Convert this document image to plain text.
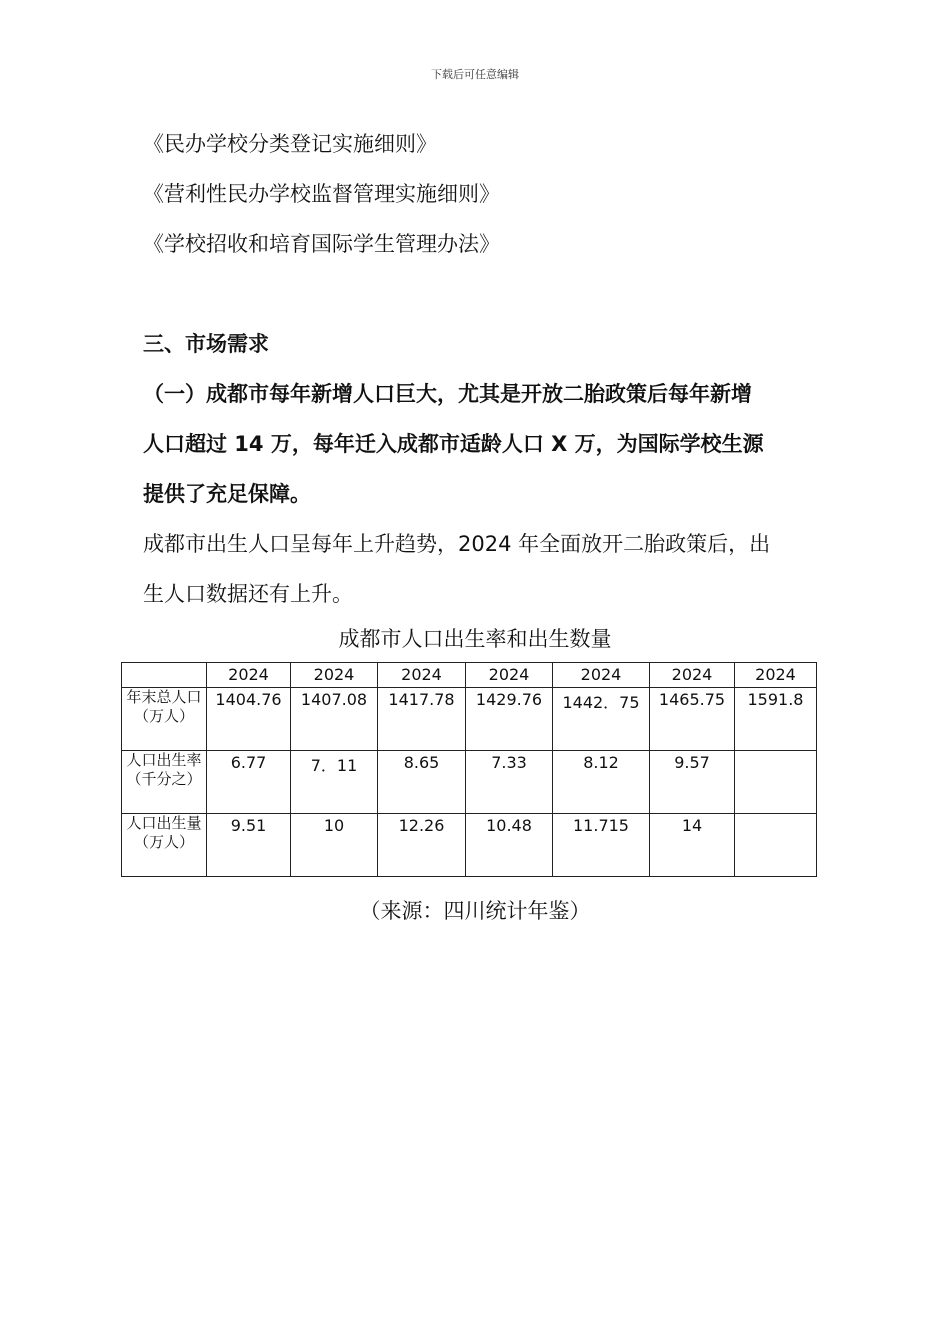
下载后可任意编辑
《民办学校分类登记实施细则》
《营利性民办学校监督管理实施细则》
《学校招收和培育国际学生管理办法》
三、市场需求
（一）成都市每年新增人口巨大，尤其是开放二胎政策后每年新增
人口超过 14 万，每年迁入成都市适龄人口 X 万，为国际学校生源
提供了充足保障。
成都市出生人口呈每年上升趋势，2024 年全面放开二胎政策后，出
生人口数据还有上升。
成都市人口出生率和出生数量
	2024	2024	2024	2024	2024	2024	2024
年末总人口（万人）	1404.76	1407.08	1417.78	1429.76	1442．75	1465.75	1591.8
人口出生率（千分之）	6.77	7．11	8.65	7.33	8.12	9.57	
人口出生量（万人）	9.51	10	12.26	10.48	11.715	14	
（来源：四川统计年鉴）
